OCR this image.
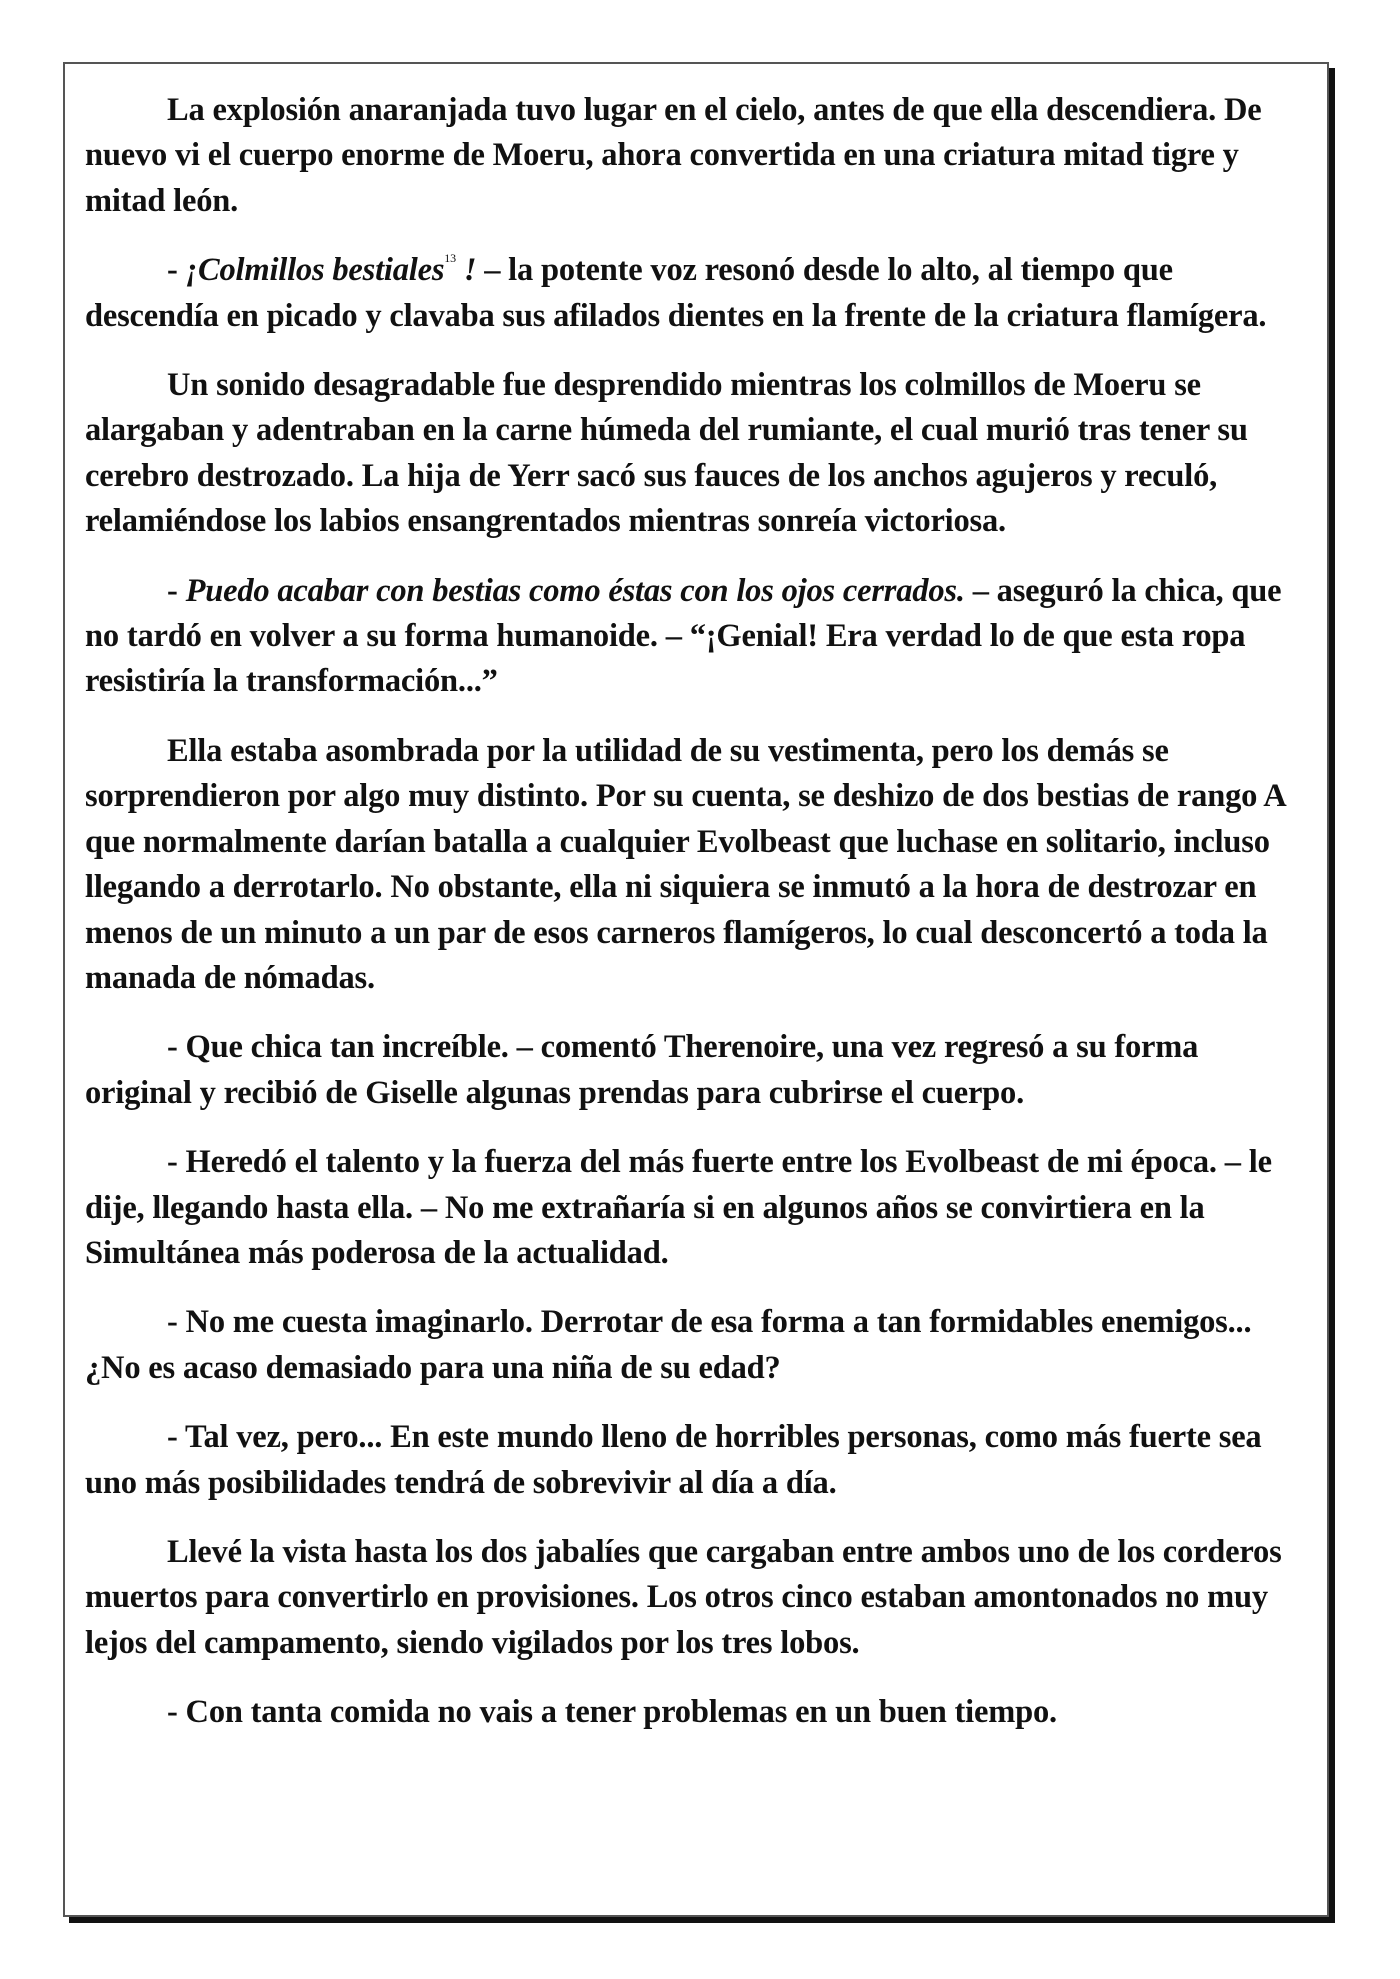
La explosión anaranjada tuvo lugar en el cielo, antes de que ella descendiera. De nuevo vi el cuerpo enorme de Moeru, ahora convertida en una criatura mitad tigre y mitad león.

- ¡Colmillos bestiales$^{13}$ ! – la potente voz resonó desde lo alto, al tiempo que descendía en picado y clavaba sus afilados dientes en la frente de la criatura flamígera.

Un sonido desagradable fue desprendido mientras los colmillos de Moeru se alargaban y adentraban en la carne húmeda del rumiante, el cual murió tras tener su cerebro destrozado. La hija de Yerr sacó sus fauces de los anchos agujeros y reculó, relamiéndose los labios ensangrentados mientras sonreía victoriosa.

- Puedo acabar con bestias como éstas con los ojos cerrados. – aseguró la chica, que no tardó en volver a su forma humanoide. – “¡Genial! Era verdad lo de que esta ropa resistiría la transformación...”

Ella estaba asombrada por la utilidad de su vestimenta, pero los demás se sorprendieron por algo muy distinto. Por su cuenta, se deshizo de dos bestias de rango A que normalmente darían batalla a cualquier Evolbeast que luchase en solitario, incluso llegando a derrotarlo. No obstante, ella ni siquiera se inmutó a la hora de destrozar en menos de un minuto a un par de esos carneros flamígeros, lo cual desconcertó a toda la manada de nómadas.

- Que chica tan increíble. – comentó Therenoire, una vez regresó a su forma original y recibió de Giselle algunas prendas para cubrirse el cuerpo.

- Heredó el talento y la fuerza del más fuerte entre los Evolbeast de mi época. – le dije, llegando hasta ella. – No me extrañaría si en algunos años se convirtiera en la Simultánea más poderosa de la actualidad.

- No me cuesta imaginarlo. Derrotar de esa forma a tan formidables enemigos... ¿No es acaso demasiado para una niña de su edad?

- Tal vez, pero... En este mundo lleno de horribles personas, como más fuerte sea uno más posibilidades tendrá de sobrevivir al día a día.

Llevé la vista hasta los dos jabalíes que cargaban entre ambos uno de los corderos muertos para convertirlo en provisiones. Los otros cinco estaban amontonados no muy lejos del campamento, siendo vigilados por los tres lobos.

- Con tanta comida no vais a tener problemas en un buen tiempo.
